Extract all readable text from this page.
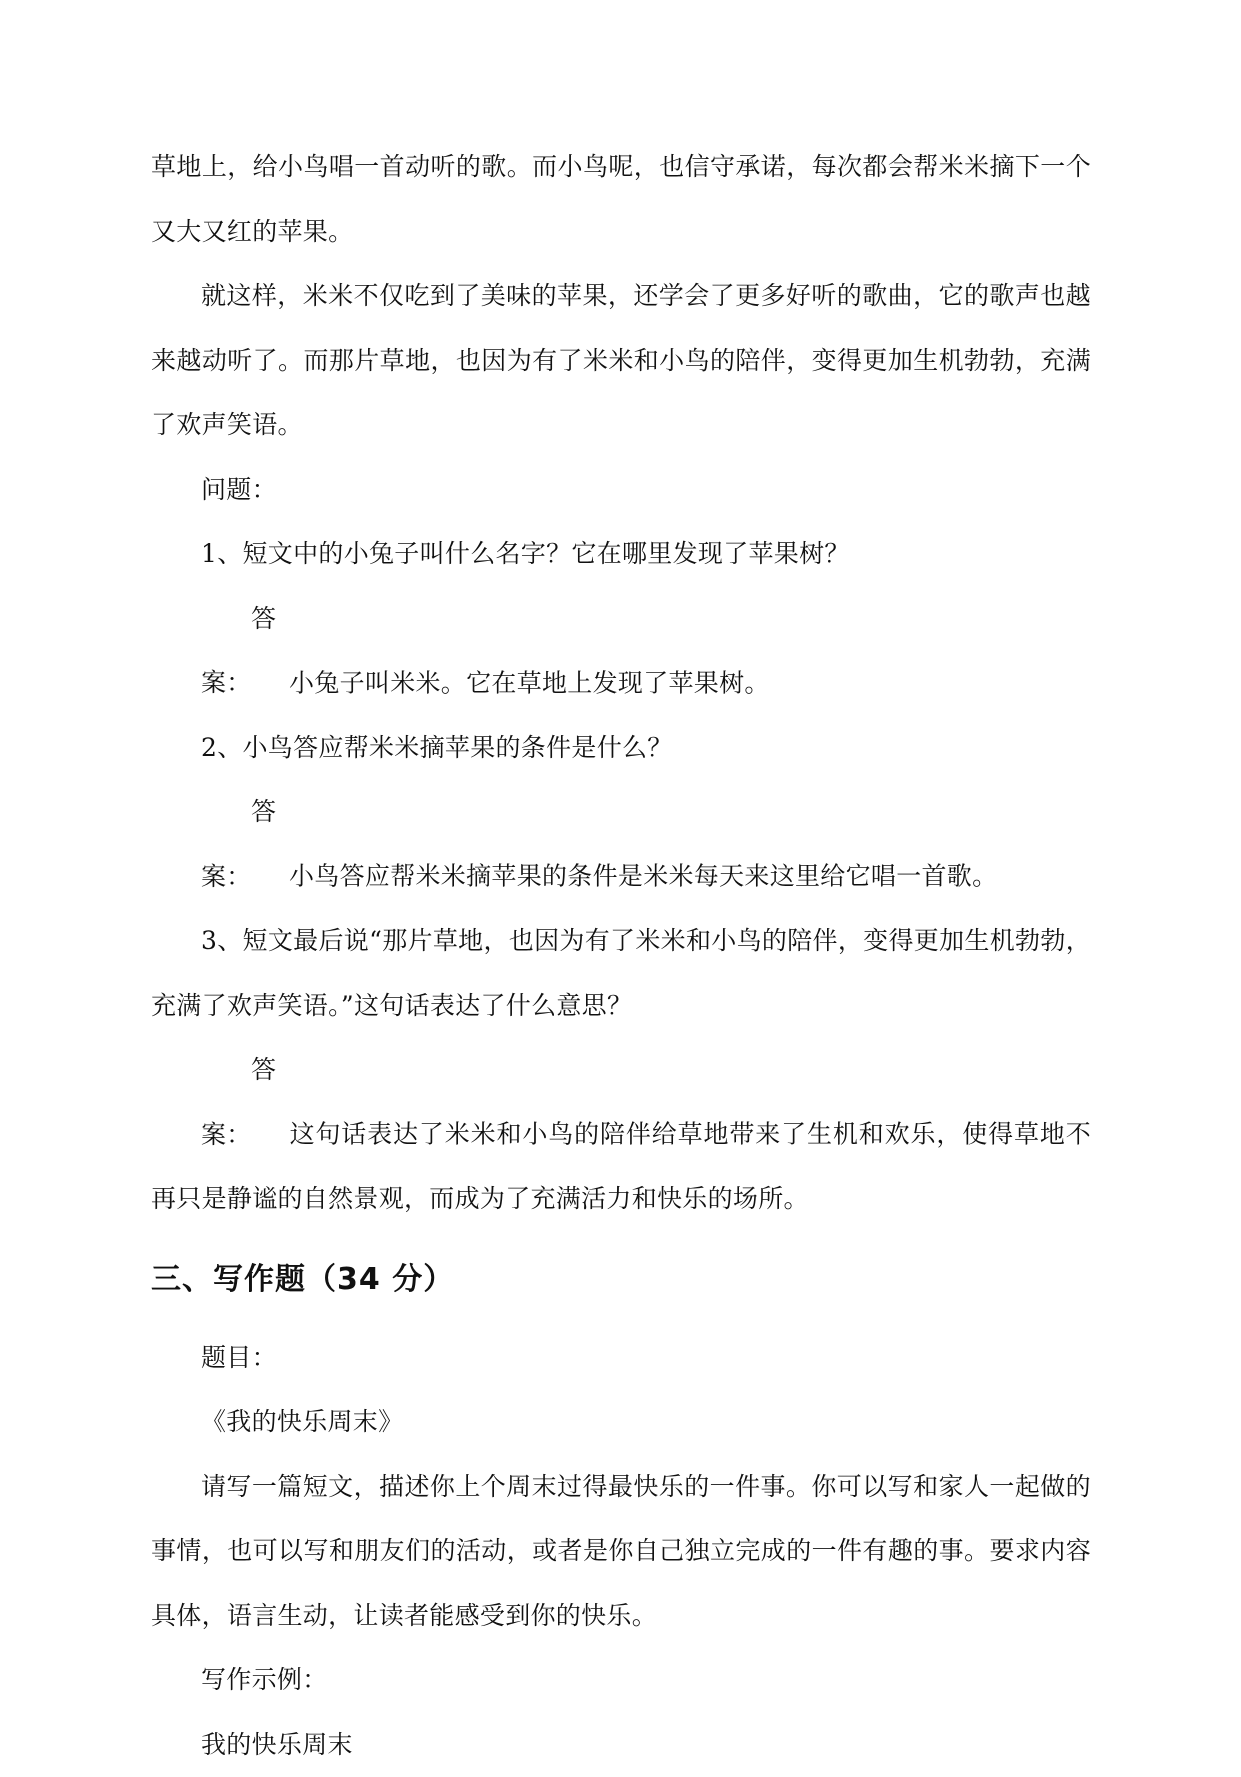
草地上，给小鸟唱一首动听的歌。而小鸟呢，也信守承诺，每次都会帮米米摘下一个又大又红的苹果。

就这样，米米不仅吃到了美味的苹果，还学会了更多好听的歌曲，它的歌声也越来越动听了。而那片草地，也因为有了米米和小鸟的陪伴，变得更加生机勃勃，充满了欢声笑语。

问题：

1、短文中的小兔子叫什么名字？它在哪里发现了苹果树？

答案： 小兔子叫米米。它在草地上发现了苹果树。

2、小鸟答应帮米米摘苹果的条件是什么？

答案： 小鸟答应帮米米摘苹果的条件是米米每天来这里给它唱一首歌。

3、短文最后说“那片草地，也因为有了米米和小鸟的陪伴，变得更加生机勃勃，充满了欢声笑语。”这句话表达了什么意思？

答案： 这句话表达了米米和小鸟的陪伴给草地带来了生机和欢乐，使得草地不再只是静谧的自然景观，而成为了充满活力和快乐的场所。

三、写作题（34 分）

题目：

《我的快乐周末》

请写一篇短文，描述你上个周末过得最快乐的一件事。你可以写和家人一起做的事情，也可以写和朋友们的活动，或者是你自己独立完成的一件有趣的事。要求内容具体，语言生动，让读者能感受到你的快乐。

写作示例：

我的快乐周末
